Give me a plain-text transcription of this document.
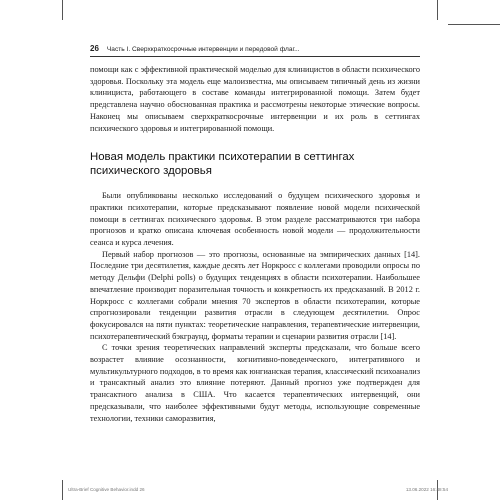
26 Часть I. Сверхкраткосрочные интервенции и передовой флаг...

помощи как с эффективной практической моделью для клиницистов в области психического здоровья. Поскольку эта модель еще малоизвестна, мы описываем типичный день из жизни клинициста, работающего в составе команды интегрированной помощи. Затем будет представлена научно обоснованная практика и рассмотрены некоторые этические вопросы. Наконец мы описываем сверхкраткосрочные интервенции и их роль в сеттингах психического здоровья и интегрированной помощи.

Новая модель практики психотерапии в сеттингах психического здоровья

Были опубликованы несколько исследований о будущем психического здоровья и практики психотерапии, которые предсказывают появление новой модели психической помощи в сеттингах психического здоровья. В этом разделе рассматриваются три набора прогнозов и кратко описана ключевая особенность новой модели — продолжительности сеанса и курса лечения.

Первый набор прогнозов — это прогнозы, основанные на эмпирических данных [14]. Последние три десятилетия, каждые десять лет Норкросс с коллегами проводили опросы по методу Дельфи (Delphi polls) о будущих тенденциях в области психотерапии. Наибольшее впечатление производит поразительная точность и конкретность их предсказаний. В 2012 г. Норкросс с коллегами собрали мнения 70 экспертов в области психотерапии, которые спрогнозировали тенденции развития отрасли в следующем десятилетии. Опрос фокусировался на пяти пунктах: теоретические направления, терапевтические интервенции, психотерапевтический бэкграунд, форматы терапии и сценарии развития отрасли [14].

С точки зрения теоретических направлений эксперты предсказали, что больше всего возрастет влияние осознанности, когнитивно-поведенческого, интегративного и мультикультурного подходов, в то время как юнгианская терапия, классический психоанализ и трансактный анализ это влияние потеряют. Данный прогноз уже подтвержден для трансактного анализа в США. Что касается терапевтических интервенций, они предсказывали, что наиболее эффективными будут методы, использующие современные технологии, техники саморазвития,

Ultra-Brief Cognitive Behavior.indd 26	13.06.2022 16:48:54
